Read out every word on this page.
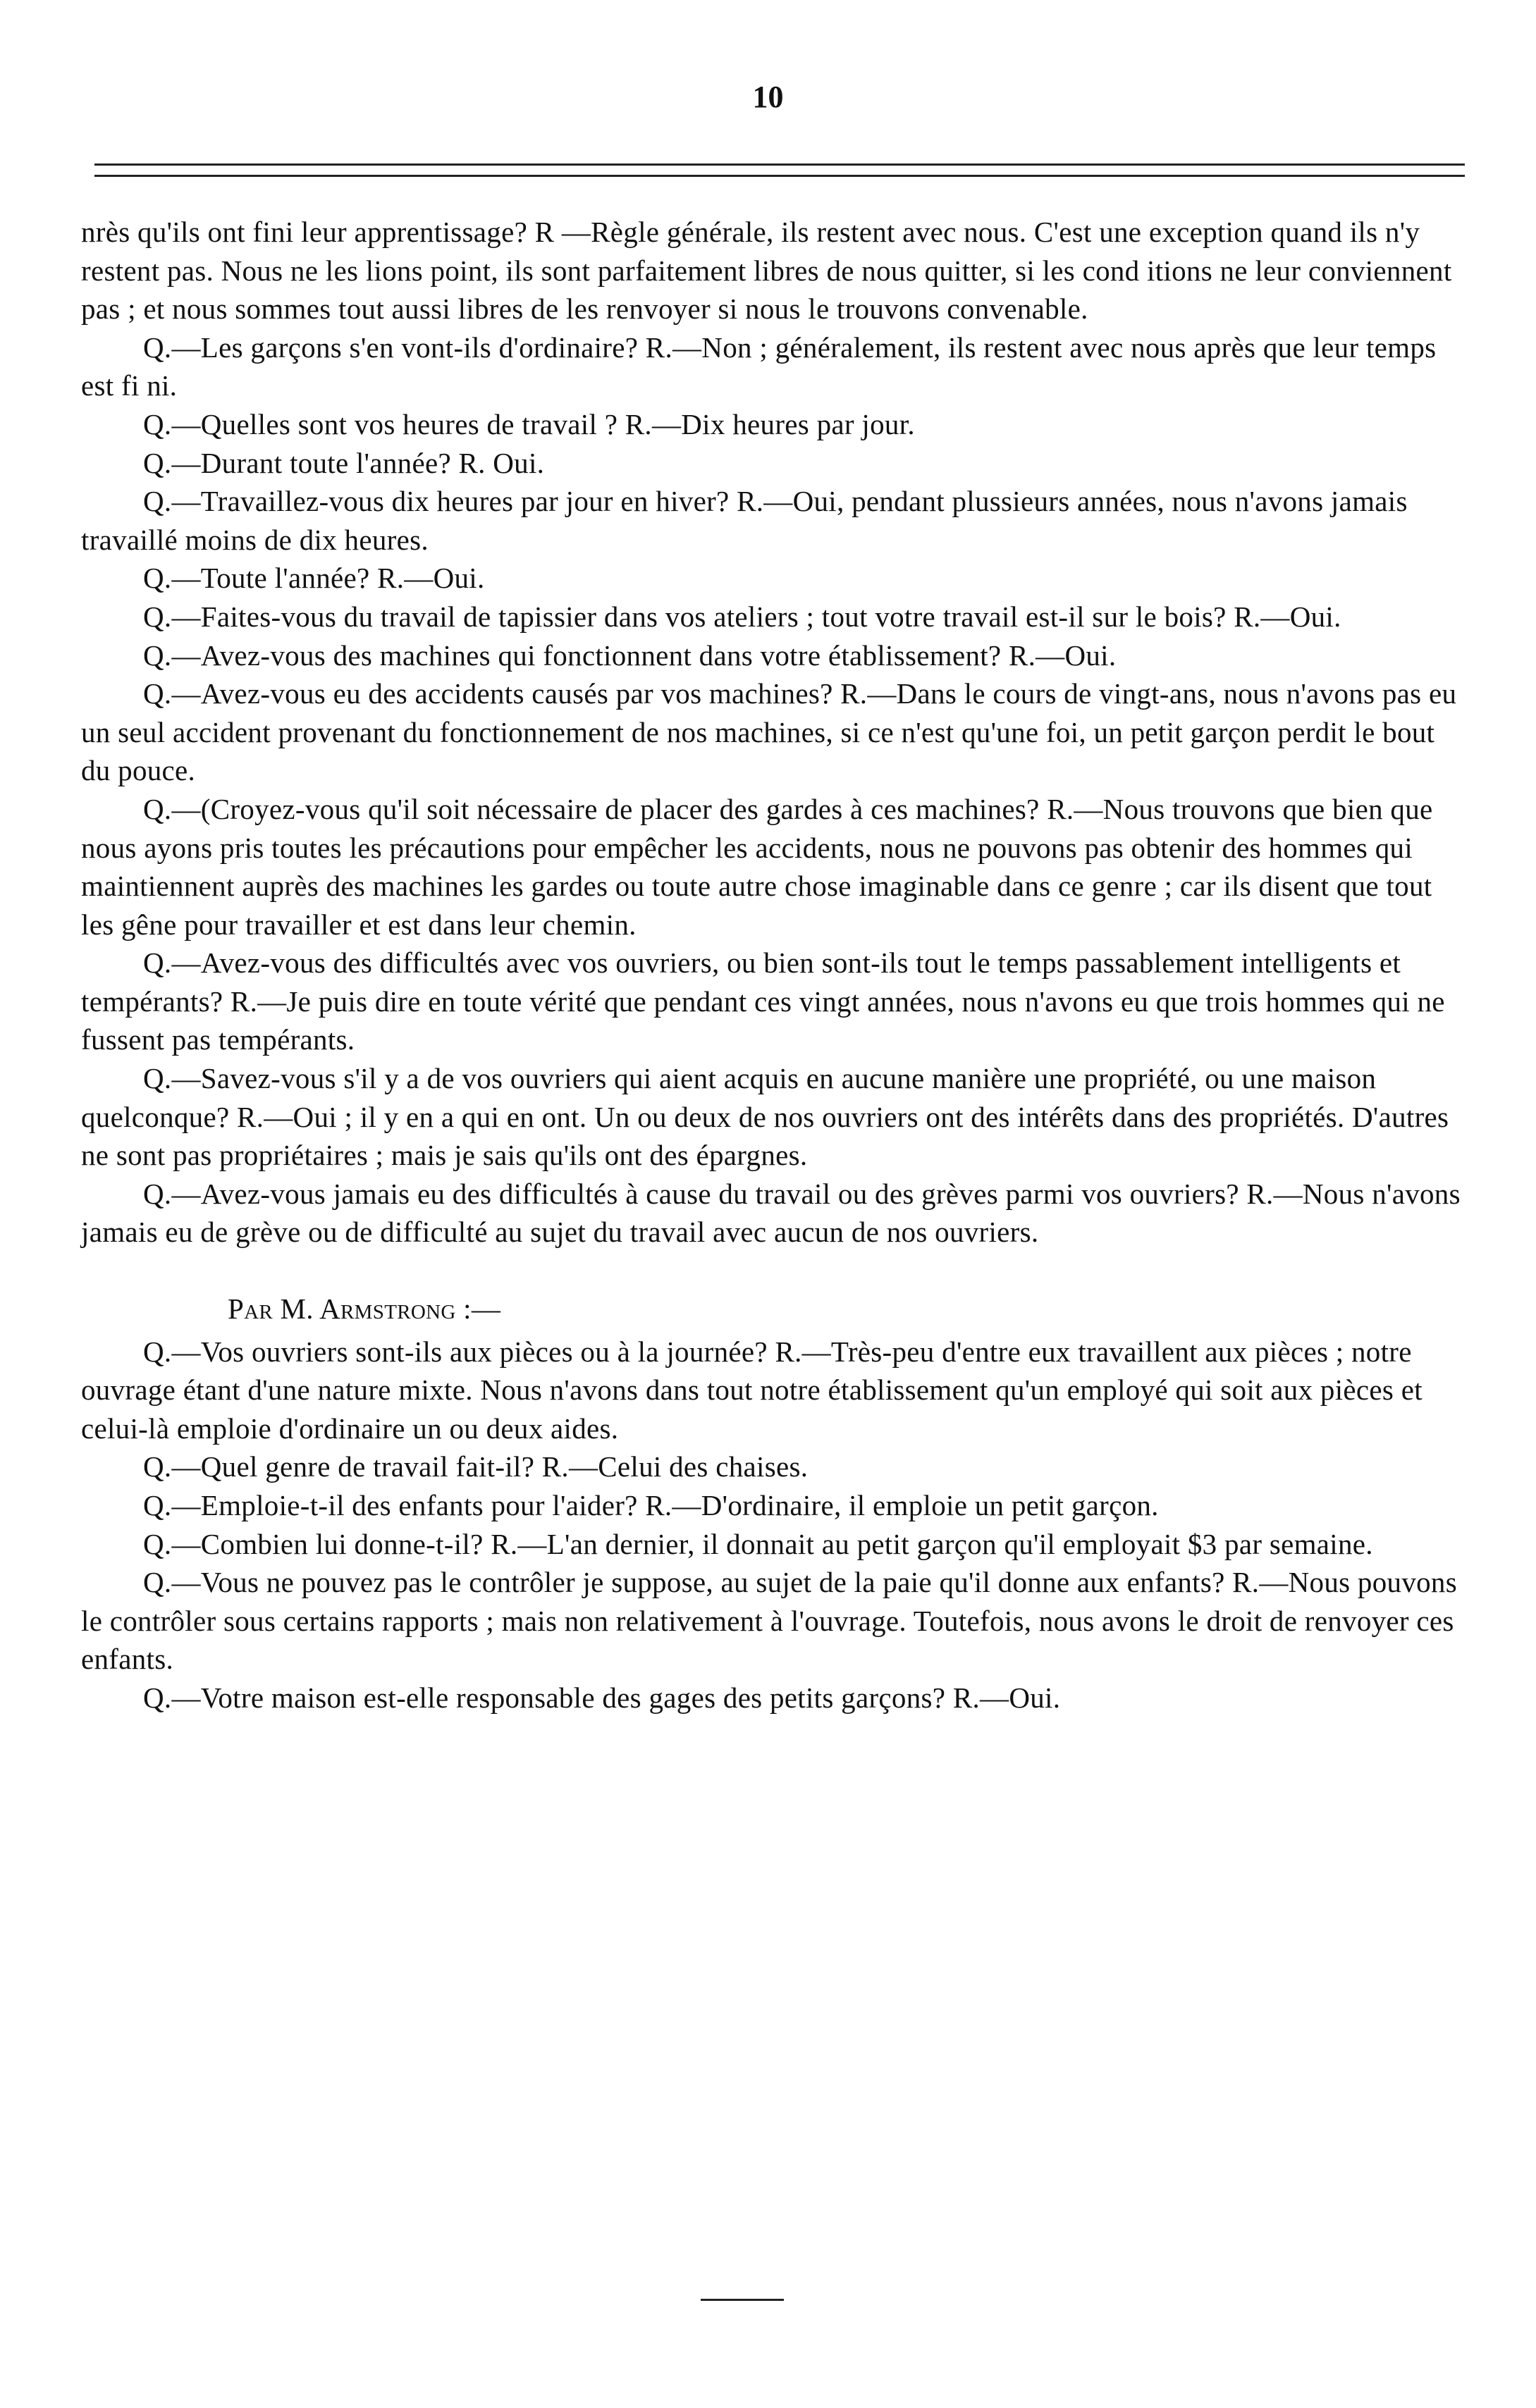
10

nrès qu'ils ont fini leur apprentissage? R —Règle générale, ils restent avec nous. C'est une exception quand ils n'y restent pas. Nous ne les lions point, ils sont parfaitement libres de nous quitter, si les cond itions ne leur conviennent pas ; et nous sommes tout aussi libres de les renvoyer si nous le trouvons convenable.

Q.—Les garçons s'en vont-ils d'ordinaire? R.—Non ; généralement, ils restent avec nous après que leur temps est fi ni.

Q.—Quelles sont vos heures de travail ? R.—Dix heures par jour.

Q.—Durant toute l'année? R. Oui.

Q.—Travaillez-vous dix heures par jour en hiver? R.—Oui, pendant plussieurs années, nous n'avons jamais travaillé moins de dix heures.

Q.—Toute l'année? R.—Oui.

Q.—Faites-vous du travail de tapissier dans vos ateliers ; tout votre travail est-il sur le bois? R.—Oui.

Q.—Avez-vous des machines qui fonctionnent dans votre établissement? R.—Oui.

Q.—Avez-vous eu des accidents causés par vos machines? R.—Dans le cours de vingt-ans, nous n'avons pas eu un seul accident provenant du fonctionnement de nos machines, si ce n'est qu'une foi, un petit garçon perdit le bout du pouce.

Q.—(Croyez-vous qu'il soit nécessaire de placer des gardes à ces machines? R.—Nous trouvons que bien que nous ayons pris toutes les précautions pour empêcher les accidents, nous ne pouvons pas obtenir des hommes qui maintiennent auprès des machines les gardes ou toute autre chose imaginable dans ce genre ; car ils disent que tout les gêne pour travailler et est dans leur chemin.

Q.—Avez-vous des difficultés avec vos ouvriers, ou bien sont-ils tout le temps passablement intelligents et tempérants? R.—Je puis dire en toute vérité que pendant ces vingt années, nous n'avons eu que trois hommes qui ne fussent pas tempérants.

Q.—Savez-vous s'il y a de vos ouvriers qui aient acquis en aucune manière une propriété, ou une maison quelconque? R.—Oui ; il y en a qui en ont. Un ou deux de nos ouvriers ont des intérêts dans des propriétés. D'autres ne sont pas propriétaires ; mais je sais qu'ils ont des épargnes.

Q.—Avez-vous jamais eu des difficultés à cause du travail ou des grèves parmi vos ouvriers? R.—Nous n'avons jamais eu de grève ou de difficulté au sujet du travail avec aucun de nos ouvriers.

Par M. Armstrong :—

Q.—Vos ouvriers sont-ils aux pièces ou à la journée? R.—Très-peu d'entre eux travaillent aux pièces ; notre ouvrage étant d'une nature mixte. Nous n'avons dans tout notre établissement qu'un employé qui soit aux pièces et celui-là emploie d'ordinaire un ou deux aides.

Q.—Quel genre de travail fait-il? R.—Celui des chaises.

Q.—Emploie-t-il des enfants pour l'aider? R.—D'ordinaire, il emploie un petit garçon.

Q.—Combien lui donne-t-il? R.—L'an dernier, il donnait au petit garçon qu'il employait $3 par semaine.

Q.—Vous ne pouvez pas le contrôler je suppose, au sujet de la paie qu'il donne aux enfants? R.—Nous pouvons le contrôler sous certains rapports ; mais non relativement à l'ouvrage. Toutefois, nous avons le droit de renvoyer ces enfants.

Q.—Votre maison est-elle responsable des gages des petits garçons? R.—Oui.
